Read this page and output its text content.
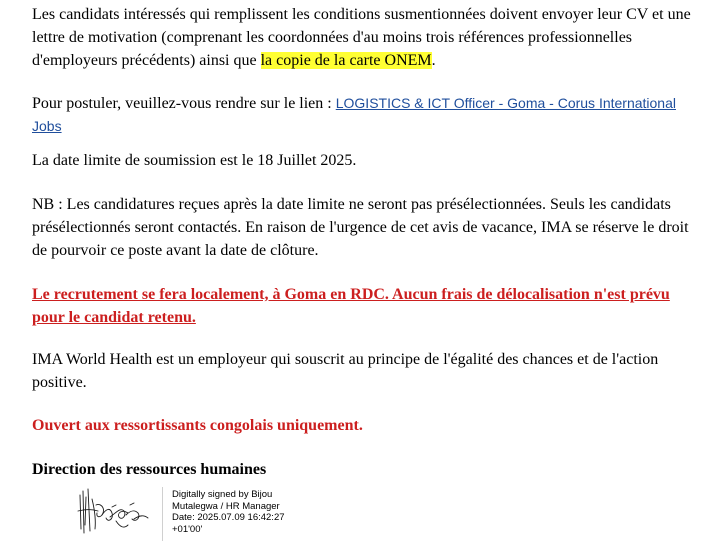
Les candidats intéressés qui remplissent les conditions susmentionnées doivent envoyer leur CV et une lettre de motivation (comprenant les coordonnées d'au moins trois références professionnelles d'employeurs précédents) ainsi que la copie de la carte ONEM.

Pour postuler, veuillez-vous rendre sur le lien : LOGISTICS & ICT Officer - Goma - Corus International Jobs

La date limite de soumission est le 18 Juillet 2025.

NB : Les candidatures reçues après la date limite ne seront pas présélectionnées. Seuls les candidats présélectionnés seront contactés. En raison de l'urgence de cet avis de vacance, IMA se réserve le droit de pourvoir ce poste avant la date de clôture.

Le recrutement se fera localement, à Goma en RDC. Aucun frais de délocalisation n'est prévu pour le candidat retenu.

IMA World Health est un employeur qui souscrit au principe de l'égalité des chances et de l'action positive.

Ouvert aux ressortissants congolais uniquement.

Direction des ressources humaines

Digitally signed by Bijou
Mutalegwa / HR Manager
Date: 2025.07.09 16:42:27
+01'00'
